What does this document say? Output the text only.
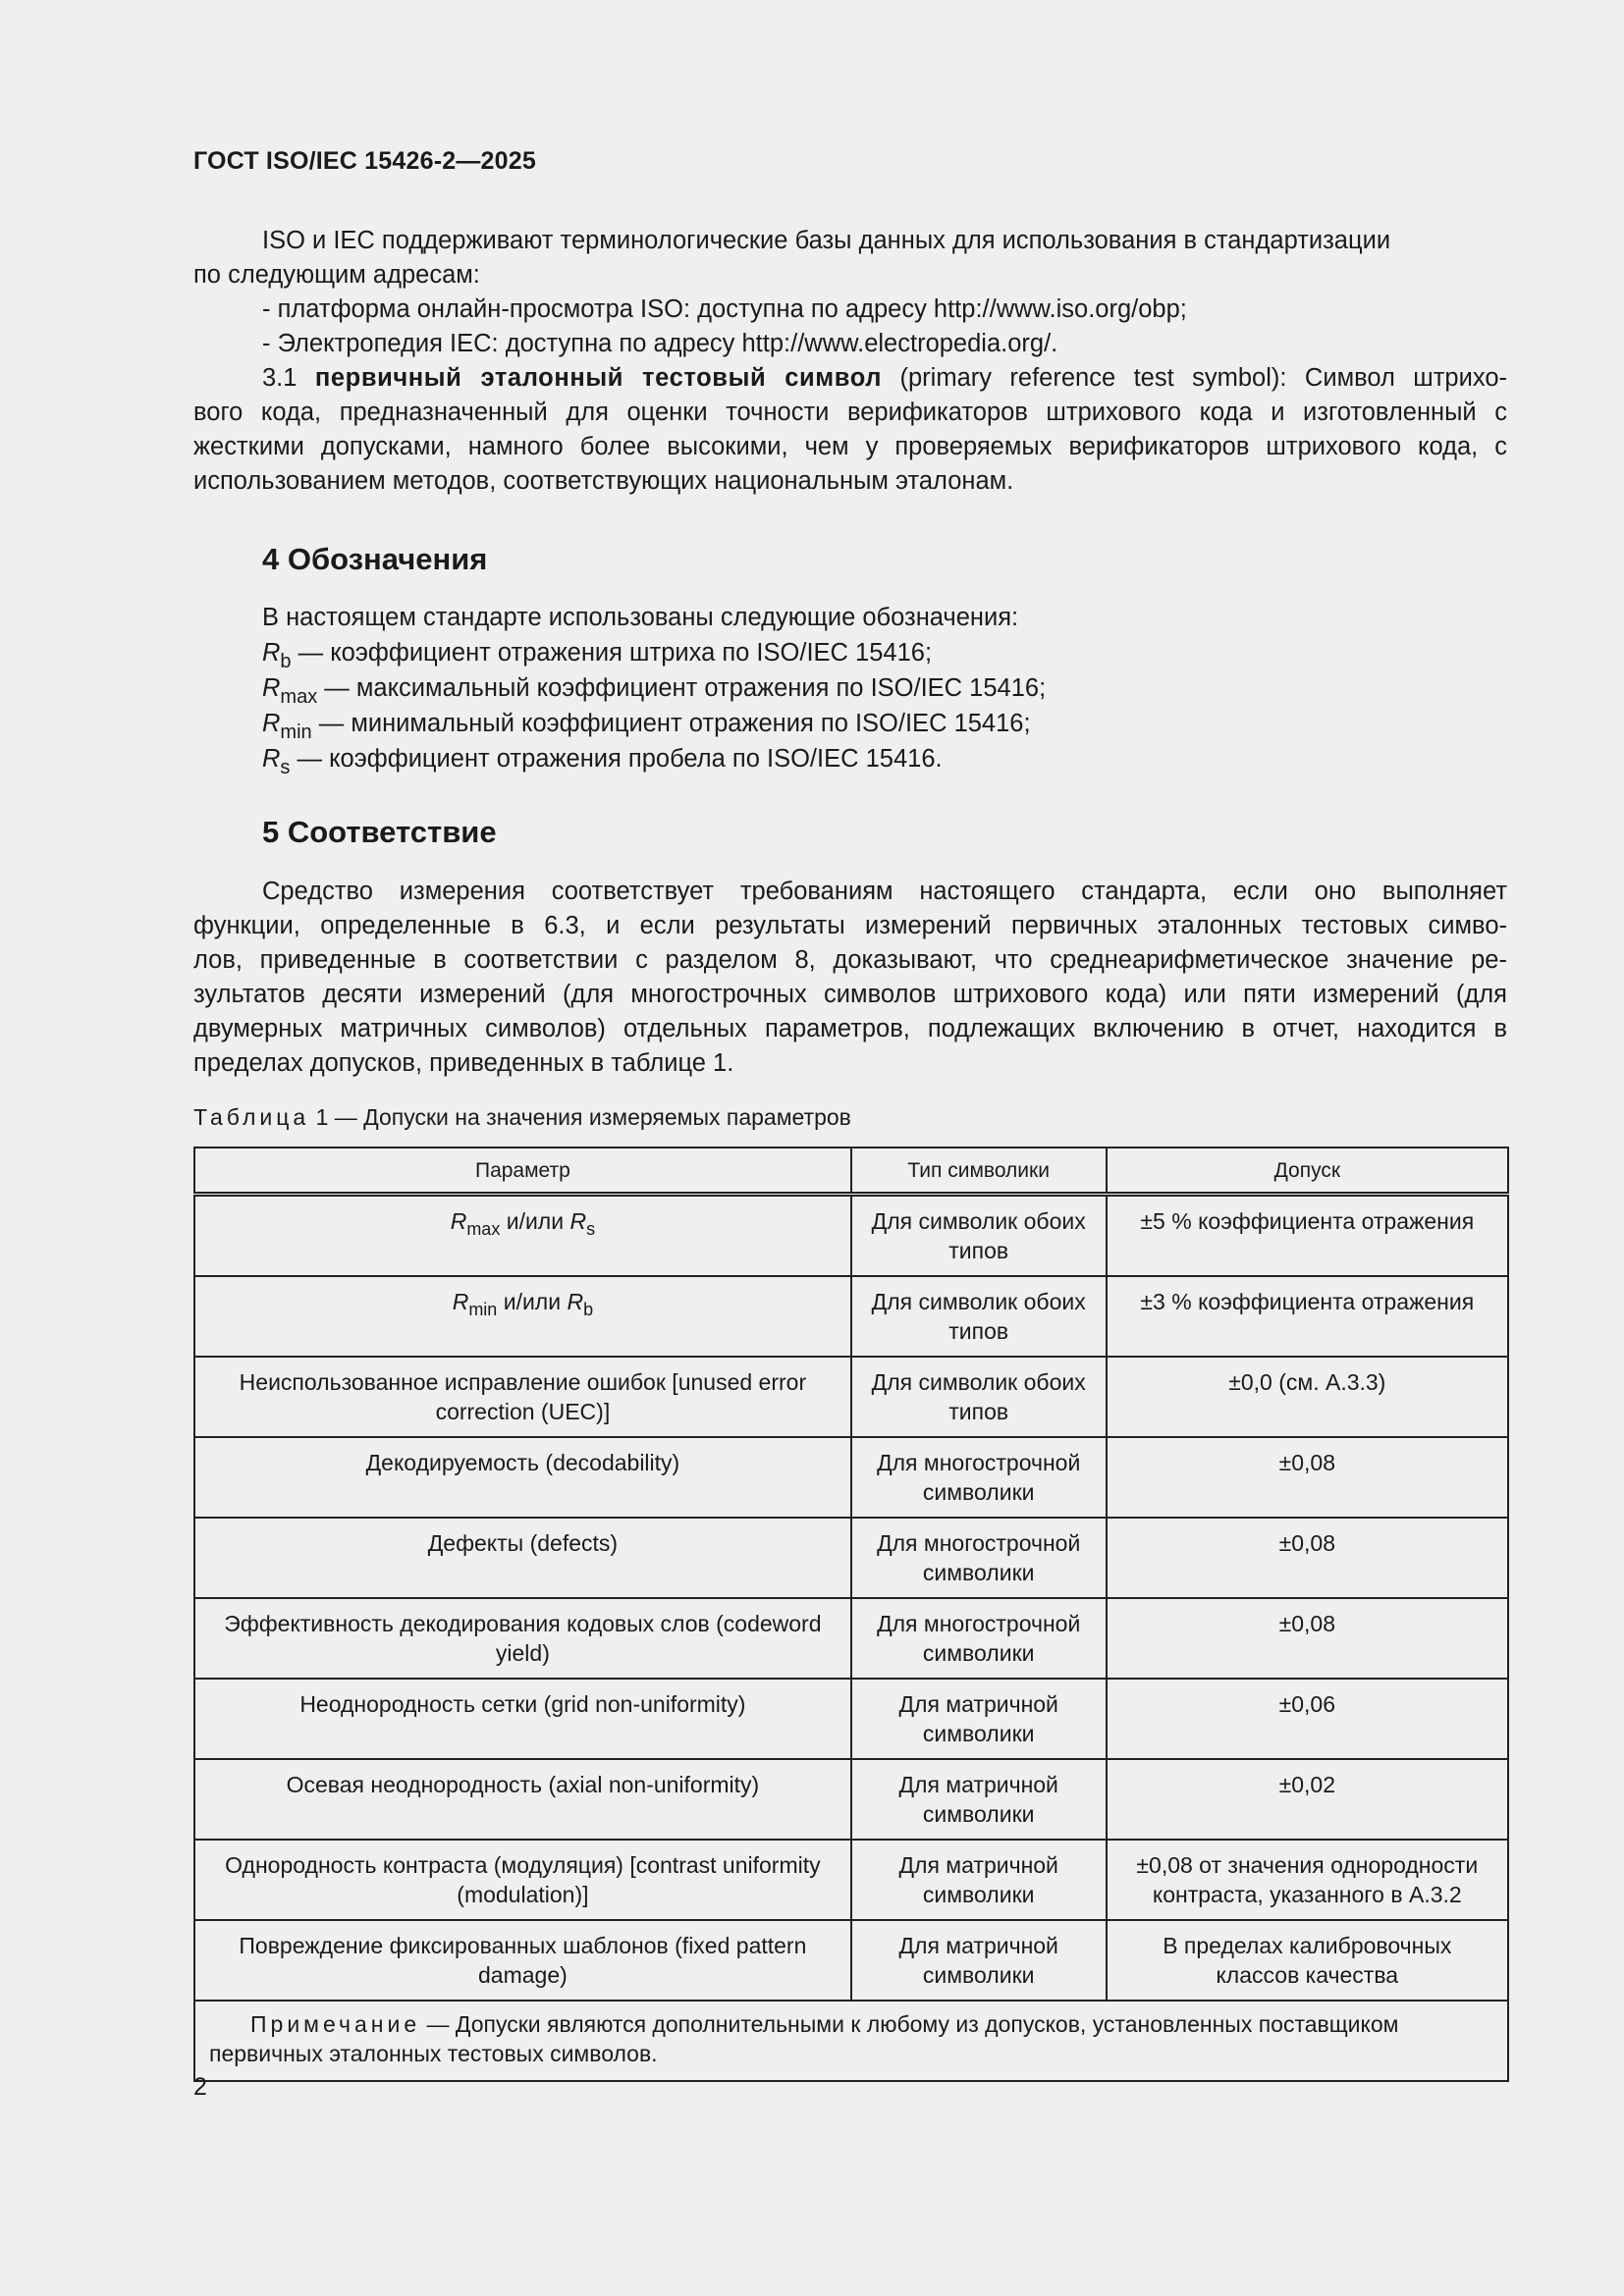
ГОСТ ISO/IEC 15426-2—2025
ISO и IEC поддерживают терминологические базы данных для использования в стандартизации
по следующим адресам:
- платформа онлайн-просмотра ISO: доступна по адресу http://www.iso.org/obp;
- Электропедия IEC: доступна по адресу http://www.electropedia.org/.
3.1 первичный эталонный тестовый символ (primary reference test symbol): Символ штрихо-
вого кода, предназначенный для оценки точности верификаторов штрихового кода и изготовленный с
жесткими допусками, намного более высокими, чем у проверяемых верификаторов штрихового кода, с
использованием методов, соответствующих национальным эталонам.
4 Обозначения
В настоящем стандарте использованы следующие обозначения:
$R_b$ — коэффициент отражения штриха по ISO/IEC 15416;
$R_{max}$ — максимальный коэффициент отражения по ISO/IEC 15416;
$R_{min}$ — минимальный коэффициент отражения по ISO/IEC 15416;
$R_s$ — коэффициент отражения пробела по ISO/IEC 15416.
5 Соответствие
Средство измерения соответствует требованиям настоящего стандарта, если оно выполняет
функции, определенные в 6.3, и если результаты измерений первичных эталонных тестовых симво-
лов, приведенные в соответствии с разделом 8, доказывают, что среднеарифметическое значение ре-
зультатов десяти измерений (для многострочных символов штрихового кода) или пяти измерений (для
двумерных матричных символов) отдельных параметров, подлежащих включению в отчет, находится в
пределах допусков, приведенных в таблице 1.
Таблица 1 — Допуски на значения измеряемых параметров
Параметр	Тип символики	Допуск
$R_{max}$ и/или $R_s$	Для символик обоих типов	±5 % коэффициента отражения
$R_{min}$ и/или $R_b$	Для символик обоих типов	±3 % коэффициента отражения
Неиспользованное исправление ошибок [unused error correction (UEC)]	Для символик обоих типов	±0,0 (см. А.3.3)
Декодируемость (decodability)	Для многострочной символики	±0,08
Дефекты (defects)	Для многострочной символики	±0,08
Эффективность декодирования кодовых слов (codeword yield)	Для многострочной символики	±0,08
Неоднородность сетки (grid non-uniformity)	Для матричной символики	±0,06
Осевая неоднородность (axial non-uniformity)	Для матричной символики	±0,02
Однородность контраста (модуляция) [contrast uniformity (modulation)]	Для матричной символики	±0,08 от значения однородности контраста, указанного в А.3.2
Повреждение фиксированных шаблонов (fixed pattern damage)	Для матричной символики	В пределах калибровочных классов качества
Примечание — Допуски являются дополнительными к любому из допусков, установленных поставщиком первичных эталонных тестовых символов.		
2
